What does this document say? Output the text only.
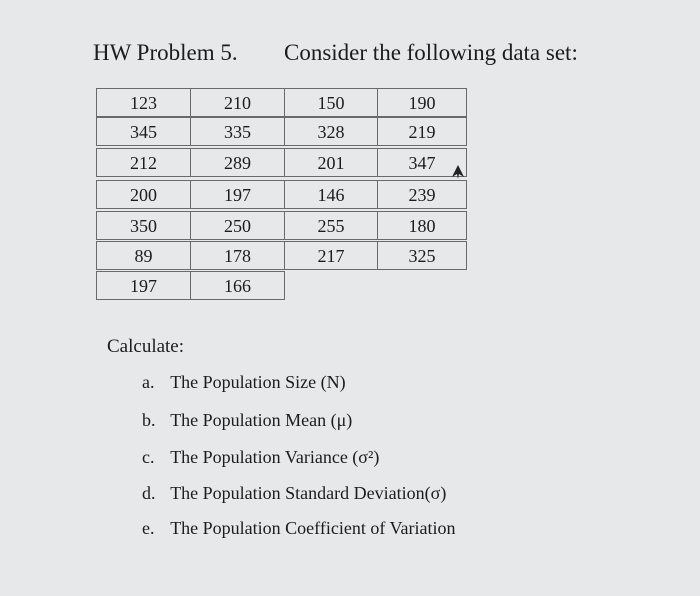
HW Problem 5. Consider the following data set:
123	210	150	190
345	335	328	219
212	289	201	347
200	197	146	239
350	250	255	180
89	178	217	325
197	166
Calculate:
a. The Population Size (N)
b. The Population Mean (μ)
c. The Population Variance (σ²)
d. The Population Standard Deviation(σ)
e. The Population Coefficient of Variation
